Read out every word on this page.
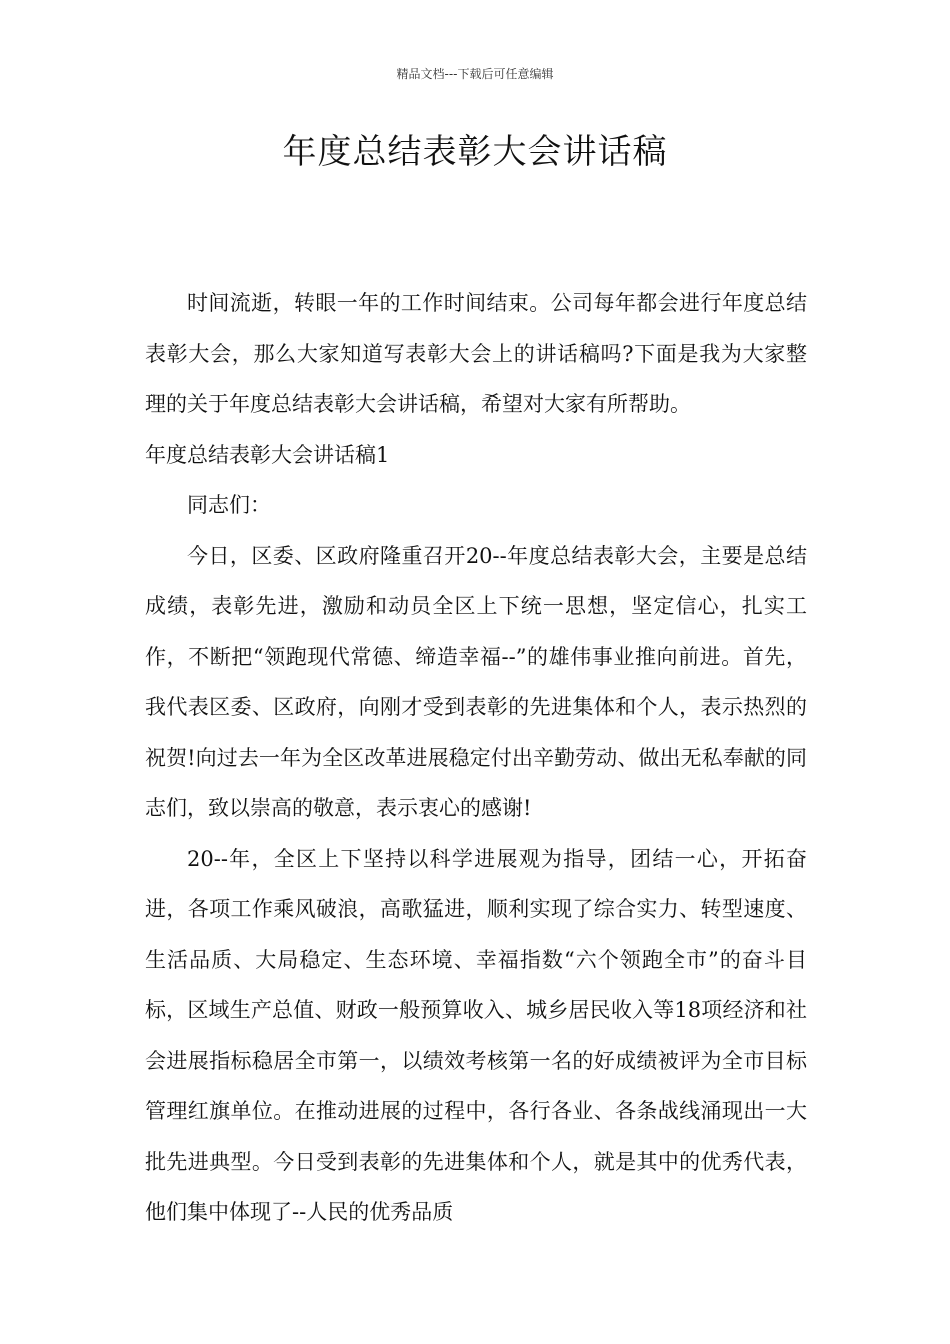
精品文档---下载后可任意编辑
年度总结表彰大会讲话稿

时间流逝，转眼一年的工作时间结束。公司每年都会进行年度总结表彰大会，那么大家知道写表彰大会上的讲话稿吗?下面是我为大家整理的关于年度总结表彰大会讲话稿，希望对大家有所帮助。

年度总结表彰大会讲话稿1

同志们：

今日，区委、区政府隆重召开20--年度总结表彰大会，主要是总结成绩，表彰先进，激励和动员全区上下统一思想，坚定信心，扎实工作，不断把“领跑现代常德、缔造幸福--”的雄伟事业推向前进。首先，我代表区委、区政府，向刚才受到表彰的先进集体和个人，表示热烈的祝贺!向过去一年为全区改革进展稳定付出辛勤劳动、做出无私奉献的同志们，致以崇高的敬意，表示衷心的感谢!

20--年，全区上下坚持以科学进展观为指导，团结一心，开拓奋进，各项工作乘风破浪，高歌猛进，顺利实现了综合实力、转型速度、生活品质、大局稳定、生态环境、幸福指数“六个领跑全市”的奋斗目标，区域生产总值、财政一般预算收入、城乡居民收入等18项经济和社会进展指标稳居全市第一，以绩效考核第一名的好成绩被评为全市目标管理红旗单位。在推动进展的过程中，各行各业、各条战线涌现出一大批先进典型。今日受到表彰的先进集体和个人，就是其中的优秀代表，他们集中体现了--人民的优秀品质
